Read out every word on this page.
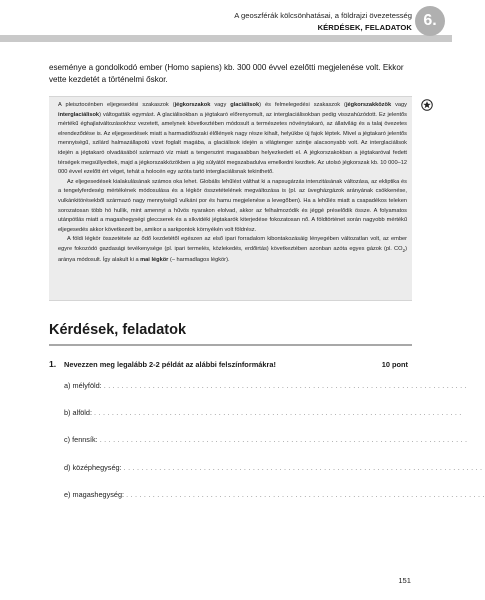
A geoszférák kölcsönhatásai, a földrajzi övezetesség
KÉRDÉSEK, FELADATOK 6.
eseménye a gondolkodó ember (Homo sapiens) kb. 300 000 évvel ezelőtti megjelenése volt. Ekkor
vette kezdetét a történelmi őskor.

A pleisztocénben eljegesedési szakaszok (jégkorszakok vagy glaciálisok) és felmelegedési szakaszok (jégkorszakközök vagy interglaciálisok) váltogatták egymást. A glaciálisokban a jégtakaró előrenyomult, az interglaciálisokban pedig visszahúzódott. Ez jelentős mértékű éghajlatváltozásokhoz vezetett, amelynek következtében módosult a természetes növénytakaró, az állatvilág és a talaj övezetes elrendeződése is. Az eljegesedések miatt a harmadidőszaki élőlények nagy része kihalt, helyükbe új fajok léptek. Mivel a jégtakaró jelentős mennyiségű, szilárd halmazállapotú vizet foglalt magába, a glaciálisok idején a világtenger szintje alacsonyabb volt. Az interglaciálisok idején a jégtakaró olvadásából származó víz miatt a tengerszint magasabban helyezkedett el. A jégkorszakokban a jégtakaróval fedett térségek megsüllyedtek, majd a jégkorszakközökben a jég súlyától megszabadulva emelkedni kezdtek. Az utolsó jégkorszak kb. 10 000–12 000 évvel ezelőtt ért véget, tehát a holocén egy azóta tartó interglaciálisnak tekinthető.

Az eljegesedések kialakulásának számos oka lehet. Globális lehűlést válthat ki a napsugárzás intenzitásának változása, az ekliptika és a tengelyferdeség mértékének módosulása és a légkör összetételének megváltozása is (pl. az üvegházgázok arányának csökkenése, vulkánkitörésekből származó nagy mennyiségű vulkáni por és hamu megjelenése a levegőben). Ha a lehűlés miatt a csapadékos teleken sorozatosan több hó hullik, mint amennyi a hűvös nyarakon elolvad, akkor az felhalmozódik és jéggé préselődik össze. A folyamatos utánpótlás miatt a magashegységi gleccserek és a síkvidéki jégtakarók kiterjedése fokozatosan nő. A földtörténet során nagyobb mértékű eljegesedés akkor következett be, amikor a sarkpontok környékén volt földrész.

A földi légkör összetétele az ődő kezdetétől egészen az első ipari forradalom kibontakozásáig lényegében változatlan volt, az ember egyre fokozódó gazdasági tevékenysége (pl. ipari termelés, közlekedés, erdőirtás) következtében azonban azóta egyes gázok (pl. $CO_2$) aránya módosult. Így alakult ki a mai légkör (– harmadlagos légkör).

Kérdések, feladatok
1. Nevezzen meg legalább 2-2 példát az alábbi felszínformákra!	10 pont
a) mélyföld: . . . . . . . . . . . . . . . . . . . . . . . . . . . . . . . . . . . . . . . . . . . . . . . . . . . . . . . . . . . . . . . . . . . . . . . . . . . . . . . . . .
b) alföld: . . . . . . . . . . . . . . . . . . . . . . . . . . . . . . . . . . . . . . . . . . . . . . . . . . . . . . . . . . . . . . . . . . . . . . . . . . . . . . . . . . .
c) fennsík: . . . . . . . . . . . . . . . . . . . . . . . . . . . . . . . . . . . . . . . . . . . . . . . . . . . . . . . . . . . . . . . . . . . . . . . . . . . . . . . . . . .
d) középhegység: . . . . . . . . . . . . . . . . . . . . . . . . . . . . . . . . . . . . . . . . . . . . . . . . . . . . . . . . . . . . . . . . . . . . . . . . . . . . . . . . .
e) magashegység: . . . . . . . . . . . . . . . . . . . . . . . . . . . . . . . . . . . . . . . . . . . . . . . . . . . . . . . . . . . . . . . . . . . . . . . . . . . . . . . . .
151
